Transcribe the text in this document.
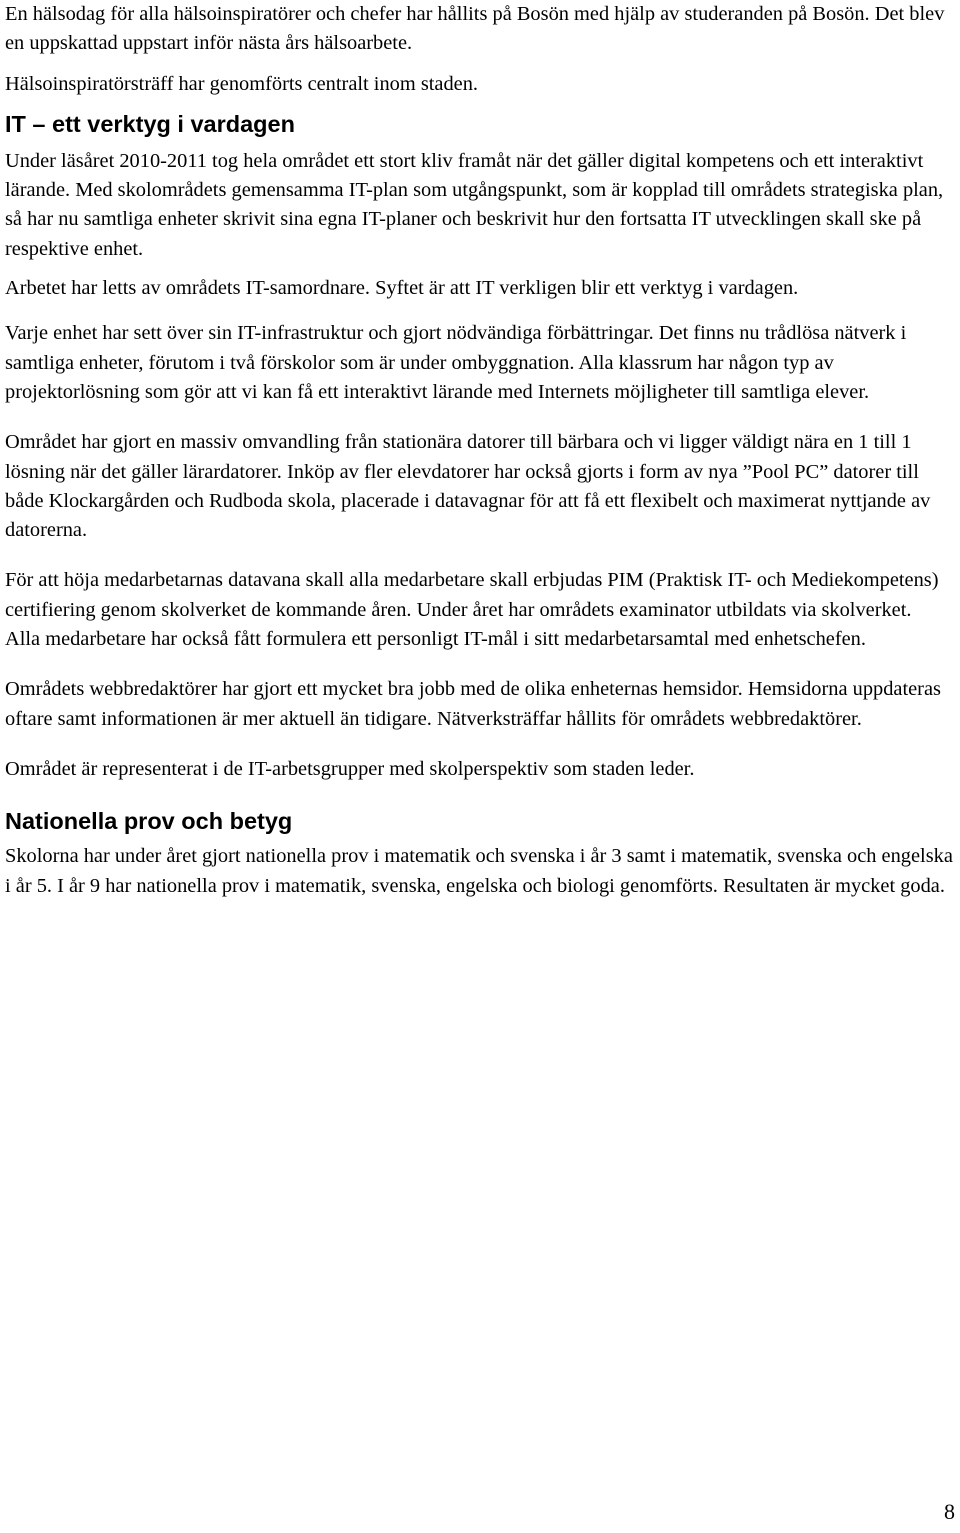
En hälsodag för alla hälsoinspiratörer och chefer har hållits på Bosön med hjälp av studeranden på Bosön. Det blev en uppskattad uppstart inför nästa års hälsoarbete.

Hälsoinspiratörsträff har genomförts centralt inom staden.

IT – ett verktyg i vardagen

Under läsåret 2010-2011 tog hela området ett stort kliv framåt när det gäller digital kompetens och ett interaktivt lärande. Med skolområdets gemensamma IT-plan som utgångspunkt, som är kopplad till områdets strategiska plan, så har nu samtliga enheter skrivit sina egna IT-planer och beskrivit hur den fortsatta IT utvecklingen skall ske på respektive enhet.

Arbetet har letts av områdets IT-samordnare. Syftet är att IT verkligen blir ett verktyg i vardagen.

Varje enhet har sett över sin IT-infrastruktur och gjort nödvändiga förbättringar. Det finns nu trådlösa nätverk i samtliga enheter, förutom i två förskolor som är under ombyggnation. Alla klassrum har någon typ av projektorlösning som gör att vi kan få ett interaktivt lärande med Internets möjligheter till samtliga elever.

Området har gjort en massiv omvandling från stationära datorer till bärbara och vi ligger väldigt nära en 1 till 1 lösning när det gäller lärardatorer. Inköp av fler elevdatorer har också gjorts i form av nya ”Pool PC” datorer till både Klockargården och Rudboda skola, placerade i datavagnar för att få ett flexibelt och maximerat nyttjande av datorerna.

För att höja medarbetarnas datavana skall alla medarbetare skall erbjudas PIM (Praktisk IT- och Mediekompetens) certifiering genom skolverket de kommande åren. Under året har områdets examinator utbildats via skolverket.

Alla medarbetare har också fått formulera ett personligt IT-mål i sitt medarbetarsamtal med enhetschefen.

Områdets webbredaktörer har gjort ett mycket bra jobb med de olika enheternas hemsidor. Hemsidorna uppdateras oftare samt informationen är mer aktuell än tidigare. Nätverksträffar hållits för områdets webbredaktörer.

Området är representerat i de IT-arbetsgrupper med skolperspektiv som staden leder.

Nationella prov och betyg

Skolorna har under året gjort nationella prov i matematik och svenska i år 3 samt i matematik, svenska och engelska i år 5. I år 9 har nationella prov i matematik, svenska, engelska och biologi genomförts. Resultaten är mycket goda.

8
